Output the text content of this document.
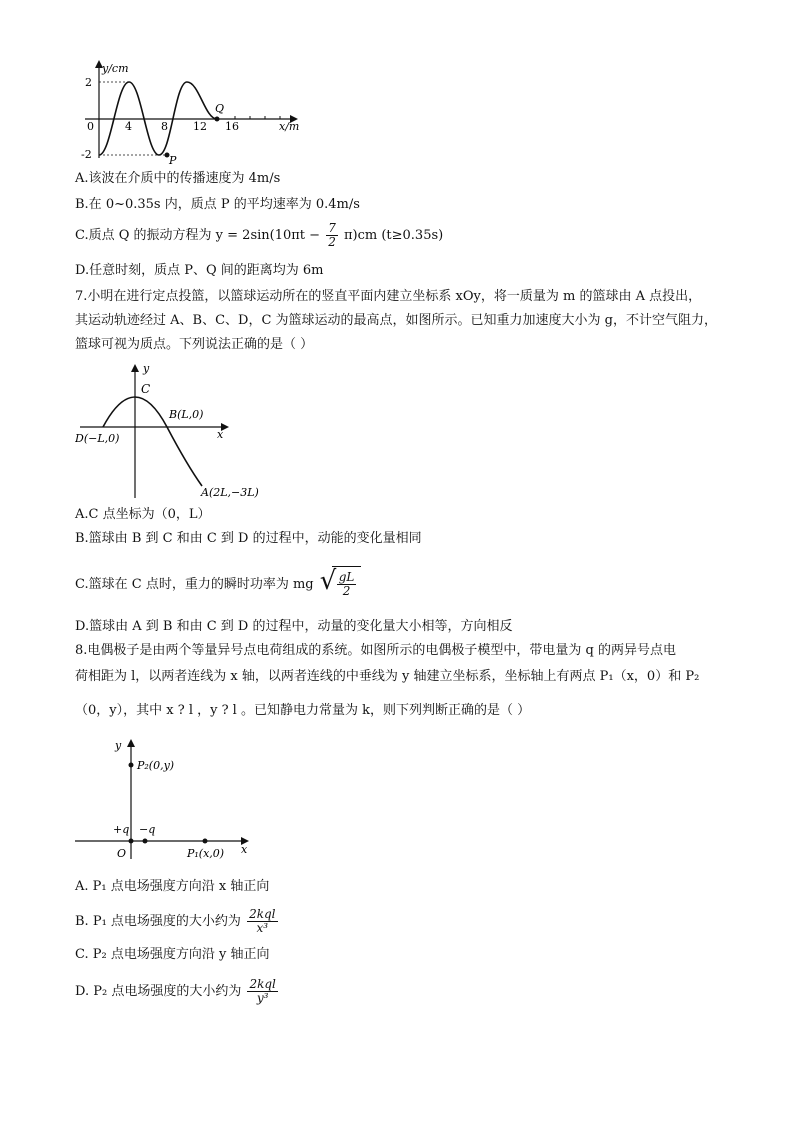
y/cm
2
-2
0	4	8 12 16	x/m
P
Q
A.该波在介质中的传播速度为 4m/s
B.在 0~0.35s 内，质点 P 的平均速率为 0.4m/s
C.质点 Q 的振动方程为 $y = 2\sin(10\pi t - \frac{7}{2} \pi)cm$ (t≥0.35s)
D.任意时刻，质点 P、Q 间的距离均为 6m
7.小明在进行定点投篮，以篮球运动所在的竖直平面内建立坐标系 xOy，将一质量为 m 的篮球由 A 点投出，
其运动轨迹经过 A、B、C、D，C 为篮球运动的最高点，如图所示。已知重力加速度大小为 g，不计空气阻力，
篮球可视为质点。下列说法正确的是（ ）
y
x
C
B(L,0)
D(−L,0)
A(2L,−3L)
A.C 点坐标为（0，L）
B.篮球由 B 到 C 和由 C 到 D 的过程中，动能的变化量相同
C.篮球在 C 点时，重力的瞬时功率为 mg √ $\frac{gL}{2}$
D.篮球由 A 到 B 和由 C 到 D 的过程中，动量的变化量大小相等，方向相反
8.电偶极子是由两个等量异号点电荷组成的系统。如图所示的电偶极子模型中，带电量为 q 的两异号点电
荷相距为 l，以两者连线为 x 轴，以两者连线的中垂线为 y 轴建立坐标系，坐标轴上有两点 P₁（x，0）和 P₂
（0，y），其中 x ? l ，y ? l 。已知静电力常量为 k，则下列判断正确的是（ ）
y
x
P₂(0,y)
P₁(x,0)
+q −q
O
A. P₁ 点电场强度方向沿 x 轴正向
B. P₁ 点电场强度的大小约为 $\frac{\text{2kql}}{\text{x³}}$
C. P₂ 点电场强度方向沿 y 轴正向
D. P₂ 点电场强度的大小约为 $\frac{\text{2kql}}{\text{y³}}$
